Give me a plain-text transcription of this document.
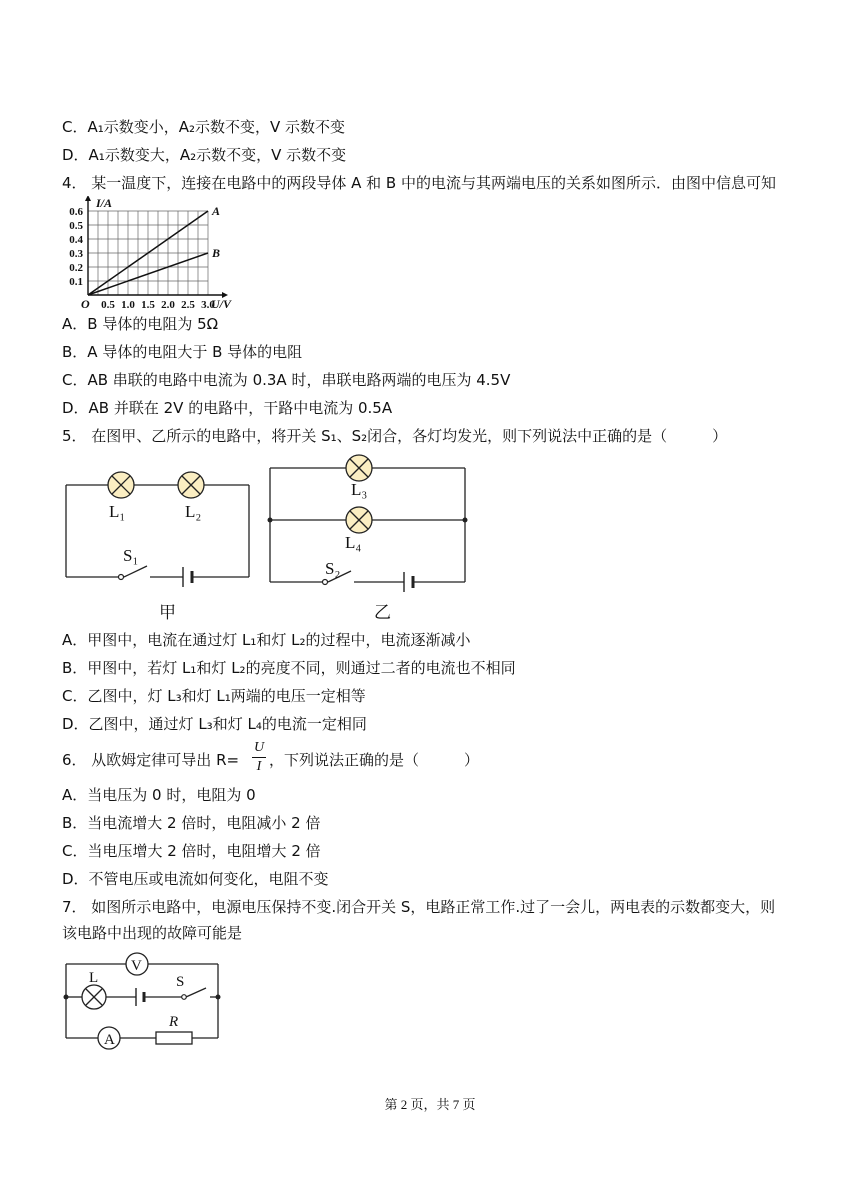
C．A₁示数变小，A₂示数不变，V 示数不变
D．A₁示数变大，A₂示数不变，V 示数不变
4． 某一温度下，连接在电路中的两段导体 A 和 B 中的电流与其两端电压的关系如图所示．由图中信息可知
A
B
0.1
0.2
0.3
0.4
0.5
0.6
0.5 1.0 1.5 2.0 2.5 3.0
I/A
U/V
O
A．B 导体的电阻为 5Ω
B．A 导体的电阻大于 B 导体的电阻
C．AB 串联的电路中电流为 0.3A 时，串联电路两端的电压为 4.5V
D．AB 并联在 2V 的电路中，干路中电流为 0.5A
5． 在图甲、乙所示的电路中，将开关 S₁、S₂闭合，各灯均发光，则下列说法中正确的是（　　　）
L₁	L₂
S₁
甲
L₃
L₄
S₂
乙
A．甲图中，电流在通过灯 L₁和灯 L₂的过程中，电流逐渐减小
B．甲图中，若灯 L₁和灯 L₂的亮度不同，则通过二者的电流也不相同
C．乙图中，灯 L₃和灯 L₁两端的电压一定相等
D．乙图中，通过灯 L₃和灯 L₄的电流一定相同
6． 从欧姆定律可导出 R=
U
I ，下列说法正确的是（　　　）
A．当电压为 0 时，电阻为 0
B．当电流增大 2 倍时，电阻减小 2 倍
C．当电压增大 2 倍时，电阻增大 2 倍
D．不管电压或电流如何变化，电阻不变
7． 如图所示电路中，电源电压保持不变.闭合开关 S，电路正常工作.过了一会儿，两电表的示数都变大，则
该电路中出现的故障可能是
V
L	S
A
R
第 2 页，共 7 页
